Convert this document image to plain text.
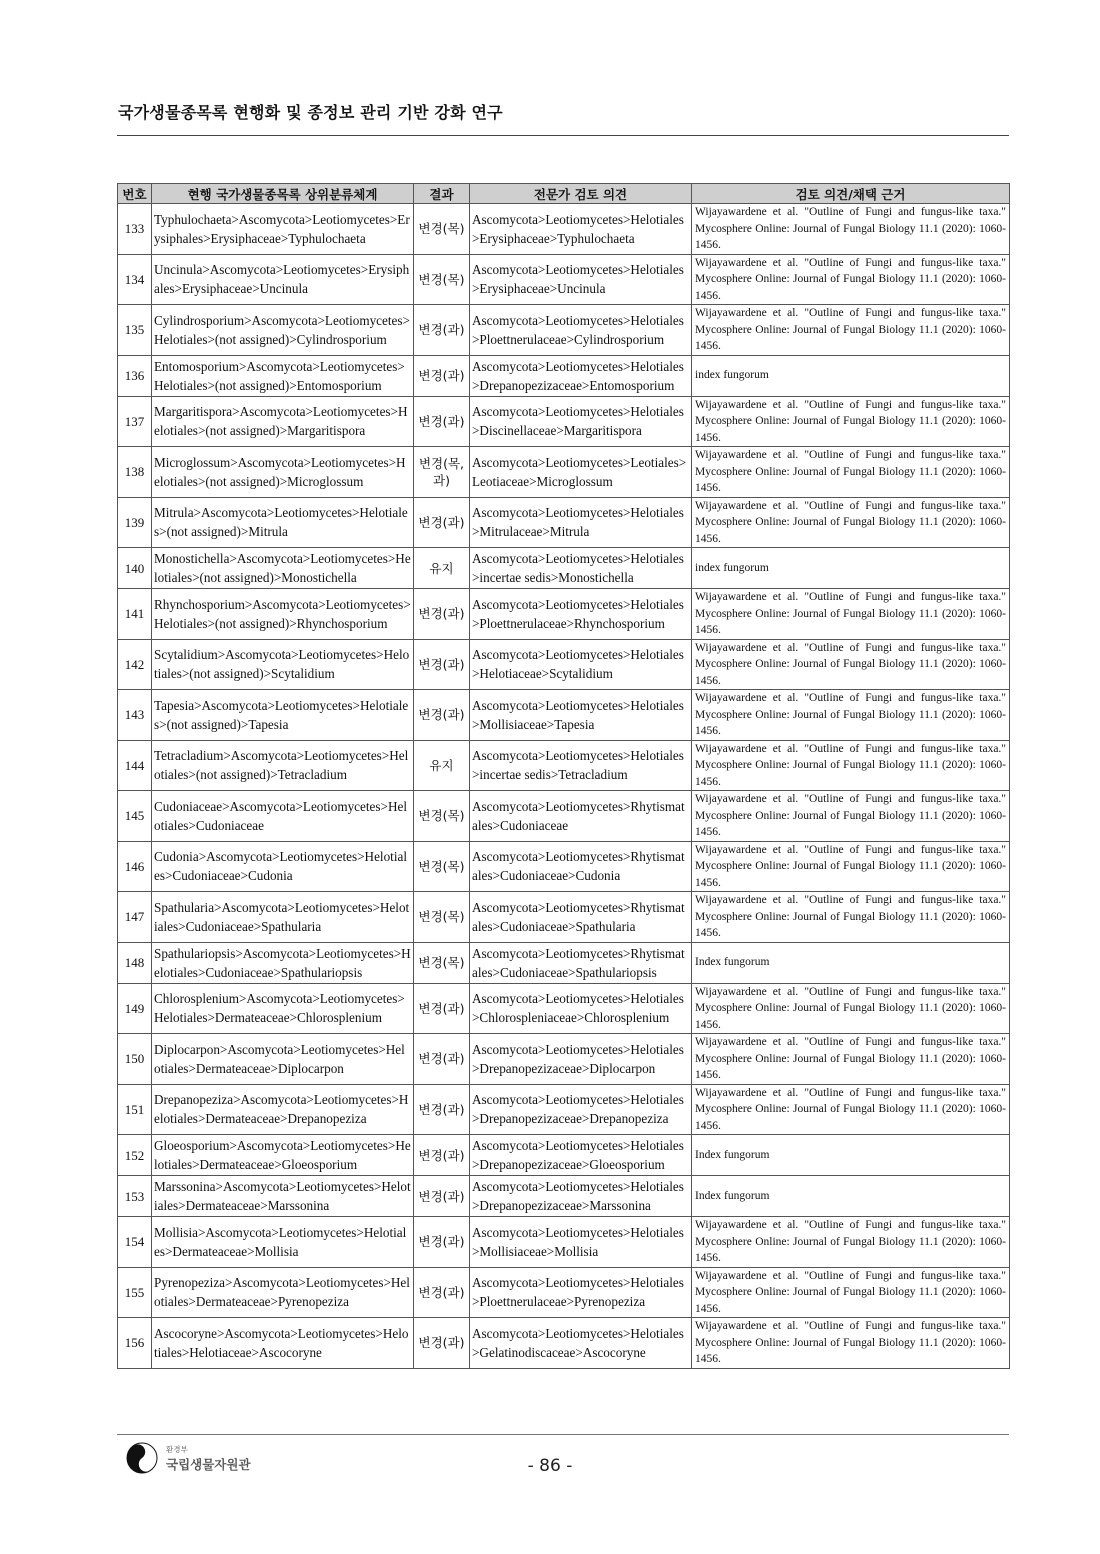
국가생물종목록 현행화 및 종정보 관리 기반 강화 연구
번호	현행 국가생물종목록 상위분류체계	결과	전문가 검토 의견	검토 의견/채택 근거
133	Typhulochaeta>Ascomycota>Leotiomycetes>Erysiphales>Erysiphaceae>Typhulochaeta	변경(목)	Ascomycota>Leotiomycetes>Helotiales>Erysiphaceae>Typhulochaeta	Wijayawardene et al. "Outline of Fungi and fungus-like taxa." Mycosphere Online: Journal of Fungal Biology 11.1 (2020): 1060-1456.
134	Uncinula>Ascomycota>Leotiomycetes>Erysiphales>Erysiphaceae>Uncinula	변경(목)	Ascomycota>Leotiomycetes>Helotiales>Erysiphaceae>Uncinula	Wijayawardene et al. "Outline of Fungi and fungus-like taxa." Mycosphere Online: Journal of Fungal Biology 11.1 (2020): 1060-1456.
135	Cylindrosporium>Ascomycota>Leotiomycetes>Helotiales>(not assigned)>Cylindrosporium	변경(과)	Ascomycota>Leotiomycetes>Helotiales>Ploettnerulaceae>Cylindrosporium	Wijayawardene et al. "Outline of Fungi and fungus-like taxa." Mycosphere Online: Journal of Fungal Biology 11.1 (2020): 1060-1456.
136	Entomosporium>Ascomycota>Leotiomycetes>Helotiales>(not assigned)>Entomosporium	변경(과)	Ascomycota>Leotiomycetes>Helotiales>Drepanopezizaceae>Entomosporium	index fungorum
137	Margaritispora>Ascomycota>Leotiomycetes>Helotiales>(not assigned)>Margaritispora	변경(과)	Ascomycota>Leotiomycetes>Helotiales>Discinellaceae>Margaritispora	Wijayawardene et al. "Outline of Fungi and fungus-like taxa." Mycosphere Online: Journal of Fungal Biology 11.1 (2020): 1060-1456.
138	Microglossum>Ascomycota>Leotiomycetes>Helotiales>(not assigned)>Microglossum	변경(목, 과)	Ascomycota>Leotiomycetes>Leotiales>Leotiaceae>Microglossum	Wijayawardene et al. "Outline of Fungi and fungus-like taxa." Mycosphere Online: Journal of Fungal Biology 11.1 (2020): 1060-1456.
139	Mitrula>Ascomycota>Leotiomycetes>Helotiales>(not assigned)>Mitrula	변경(과)	Ascomycota>Leotiomycetes>Helotiales>Mitrulaceae>Mitrula	Wijayawardene et al. "Outline of Fungi and fungus-like taxa." Mycosphere Online: Journal of Fungal Biology 11.1 (2020): 1060-1456.
140	Monostichella>Ascomycota>Leotiomycetes>Helotiales>(not assigned)>Monostichella	유지	Ascomycota>Leotiomycetes>Helotiales>incertae sedis>Monostichella	index fungorum
141	Rhynchosporium>Ascomycota>Leotiomycetes>Helotiales>(not assigned)>Rhynchosporium	변경(과)	Ascomycota>Leotiomycetes>Helotiales>Ploettnerulaceae>Rhynchosporium	Wijayawardene et al. "Outline of Fungi and fungus-like taxa." Mycosphere Online: Journal of Fungal Biology 11.1 (2020): 1060-1456.
142	Scytalidium>Ascomycota>Leotiomycetes>Helotiales>(not assigned)>Scytalidium	변경(과)	Ascomycota>Leotiomycetes>Helotiales>Helotiaceae>Scytalidium	Wijayawardene et al. "Outline of Fungi and fungus-like taxa." Mycosphere Online: Journal of Fungal Biology 11.1 (2020): 1060-1456.
143	Tapesia>Ascomycota>Leotiomycetes>Helotiales>(not assigned)>Tapesia	변경(과)	Ascomycota>Leotiomycetes>Helotiales>Mollisiaceae>Tapesia	Wijayawardene et al. "Outline of Fungi and fungus-like taxa." Mycosphere Online: Journal of Fungal Biology 11.1 (2020): 1060-1456.
144	Tetracladium>Ascomycota>Leotiomycetes>Helotiales>(not assigned)>Tetracladium	유지	Ascomycota>Leotiomycetes>Helotiales>incertae sedis>Tetracladium	Wijayawardene et al. "Outline of Fungi and fungus-like taxa." Mycosphere Online: Journal of Fungal Biology 11.1 (2020): 1060-1456.
145	Cudoniaceae>Ascomycota>Leotiomycetes>Helotiales>Cudoniaceae	변경(목)	Ascomycota>Leotiomycetes>Rhytismatales>Cudoniaceae	Wijayawardene et al. "Outline of Fungi and fungus-like taxa." Mycosphere Online: Journal of Fungal Biology 11.1 (2020): 1060-1456.
146	Cudonia>Ascomycota>Leotiomycetes>Helotiales>Cudoniaceae>Cudonia	변경(목)	Ascomycota>Leotiomycetes>Rhytismatales>Cudoniaceae>Cudonia	Wijayawardene et al. "Outline of Fungi and fungus-like taxa." Mycosphere Online: Journal of Fungal Biology 11.1 (2020): 1060-1456.
147	Spathularia>Ascomycota>Leotiomycetes>Helotiales>Cudoniaceae>Spathularia	변경(목)	Ascomycota>Leotiomycetes>Rhytismatales>Cudoniaceae>Spathularia	Wijayawardene et al. "Outline of Fungi and fungus-like taxa." Mycosphere Online: Journal of Fungal Biology 11.1 (2020): 1060-1456.
148	Spathulariopsis>Ascomycota>Leotiomycetes>Helotiales>Cudoniaceae>Spathulariopsis	변경(목)	Ascomycota>Leotiomycetes>Rhytismatales>Cudoniaceae>Spathulariopsis	Index fungorum
149	Chlorosplenium>Ascomycota>Leotiomycetes>Helotiales>Dermateaceae>Chlorosplenium	변경(과)	Ascomycota>Leotiomycetes>Helotiales>Chlorospleniaceae>Chlorosplenium	Wijayawardene et al. "Outline of Fungi and fungus-like taxa." Mycosphere Online: Journal of Fungal Biology 11.1 (2020): 1060-1456.
150	Diplocarpon>Ascomycota>Leotiomycetes>Helotiales>Dermateaceae>Diplocarpon	변경(과)	Ascomycota>Leotiomycetes>Helotiales>Drepanopezizaceae>Diplocarpon	Wijayawardene et al. "Outline of Fungi and fungus-like taxa." Mycosphere Online: Journal of Fungal Biology 11.1 (2020): 1060-1456.
151	Drepanopeziza>Ascomycota>Leotiomycetes>Helotiales>Dermateaceae>Drepanopeziza	변경(과)	Ascomycota>Leotiomycetes>Helotiales>Drepanopezizaceae>Drepanopeziza	Wijayawardene et al. "Outline of Fungi and fungus-like taxa." Mycosphere Online: Journal of Fungal Biology 11.1 (2020): 1060-1456.
152	Gloeosporium>Ascomycota>Leotiomycetes>Helotiales>Dermateaceae>Gloeosporium	변경(과)	Ascomycota>Leotiomycetes>Helotiales>Drepanopezizaceae>Gloeosporium	Index fungorum
153	Marssonina>Ascomycota>Leotiomycetes>Helotiales>Dermateaceae>Marssonina	변경(과)	Ascomycota>Leotiomycetes>Helotiales>Drepanopezizaceae>Marssonina	Index fungorum
154	Mollisia>Ascomycota>Leotiomycetes>Helotiales>Dermateaceae>Mollisia	변경(과)	Ascomycota>Leotiomycetes>Helotiales>Mollisiaceae>Mollisia	Wijayawardene et al. "Outline of Fungi and fungus-like taxa." Mycosphere Online: Journal of Fungal Biology 11.1 (2020): 1060-1456.
155	Pyrenopeziza>Ascomycota>Leotiomycetes>Helotiales>Dermateaceae>Pyrenopeziza	변경(과)	Ascomycota>Leotiomycetes>Helotiales>Ploettnerulaceae>Pyrenopeziza	Wijayawardene et al. "Outline of Fungi and fungus-like taxa." Mycosphere Online: Journal of Fungal Biology 11.1 (2020): 1060-1456.
156	Ascocoryne>Ascomycota>Leotiomycetes>Helotiales>Helotiaceae>Ascocoryne	변경(과)	Ascomycota>Leotiomycetes>Helotiales>Gelatinodiscaceae>Ascocoryne	Wijayawardene et al. "Outline of Fungi and fungus-like taxa." Mycosphere Online: Journal of Fungal Biology 11.1 (2020): 1060-1456.
환경부
국립생물자원관	- 86 -
